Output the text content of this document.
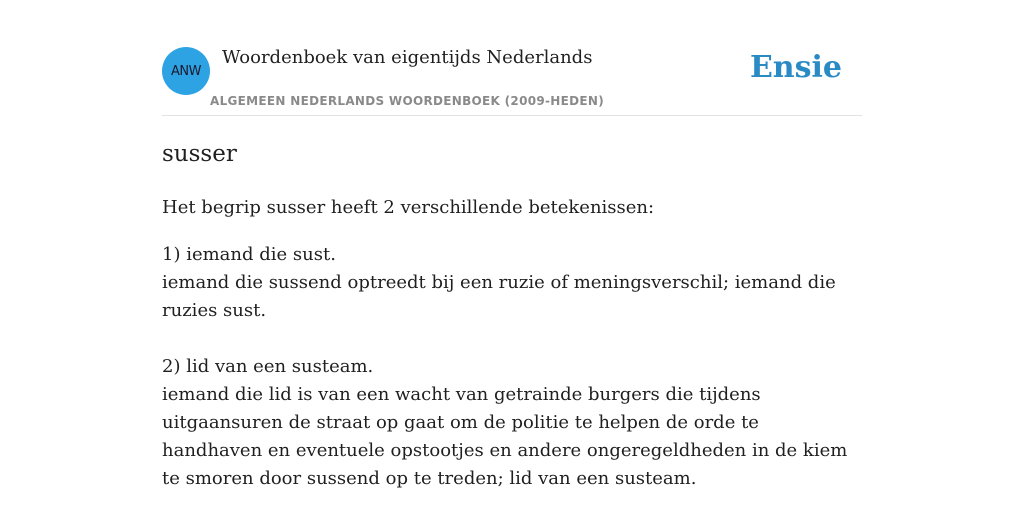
ANW
Woordenboek van eigentijds Nederlands
ALGEMEEN NEDERLANDS WOORDENBOEK (2009-HEDEN)
Ensie
susser

Het begrip susser heeft 2 verschillende betekenissen:

1) iemand die sust.

iemand die sussend optreedt bij een ruzie of meningsverschil; iemand die ruzies sust.

2) lid van een susteam.

iemand die lid is van een wacht van getrainde burgers die tijdens uitgaansuren de straat op gaat om de politie te helpen de orde te handhaven en eventuele opstootjes en andere ongeregeldheden in de kiem te smoren door sussend op te treden; lid van een susteam.
